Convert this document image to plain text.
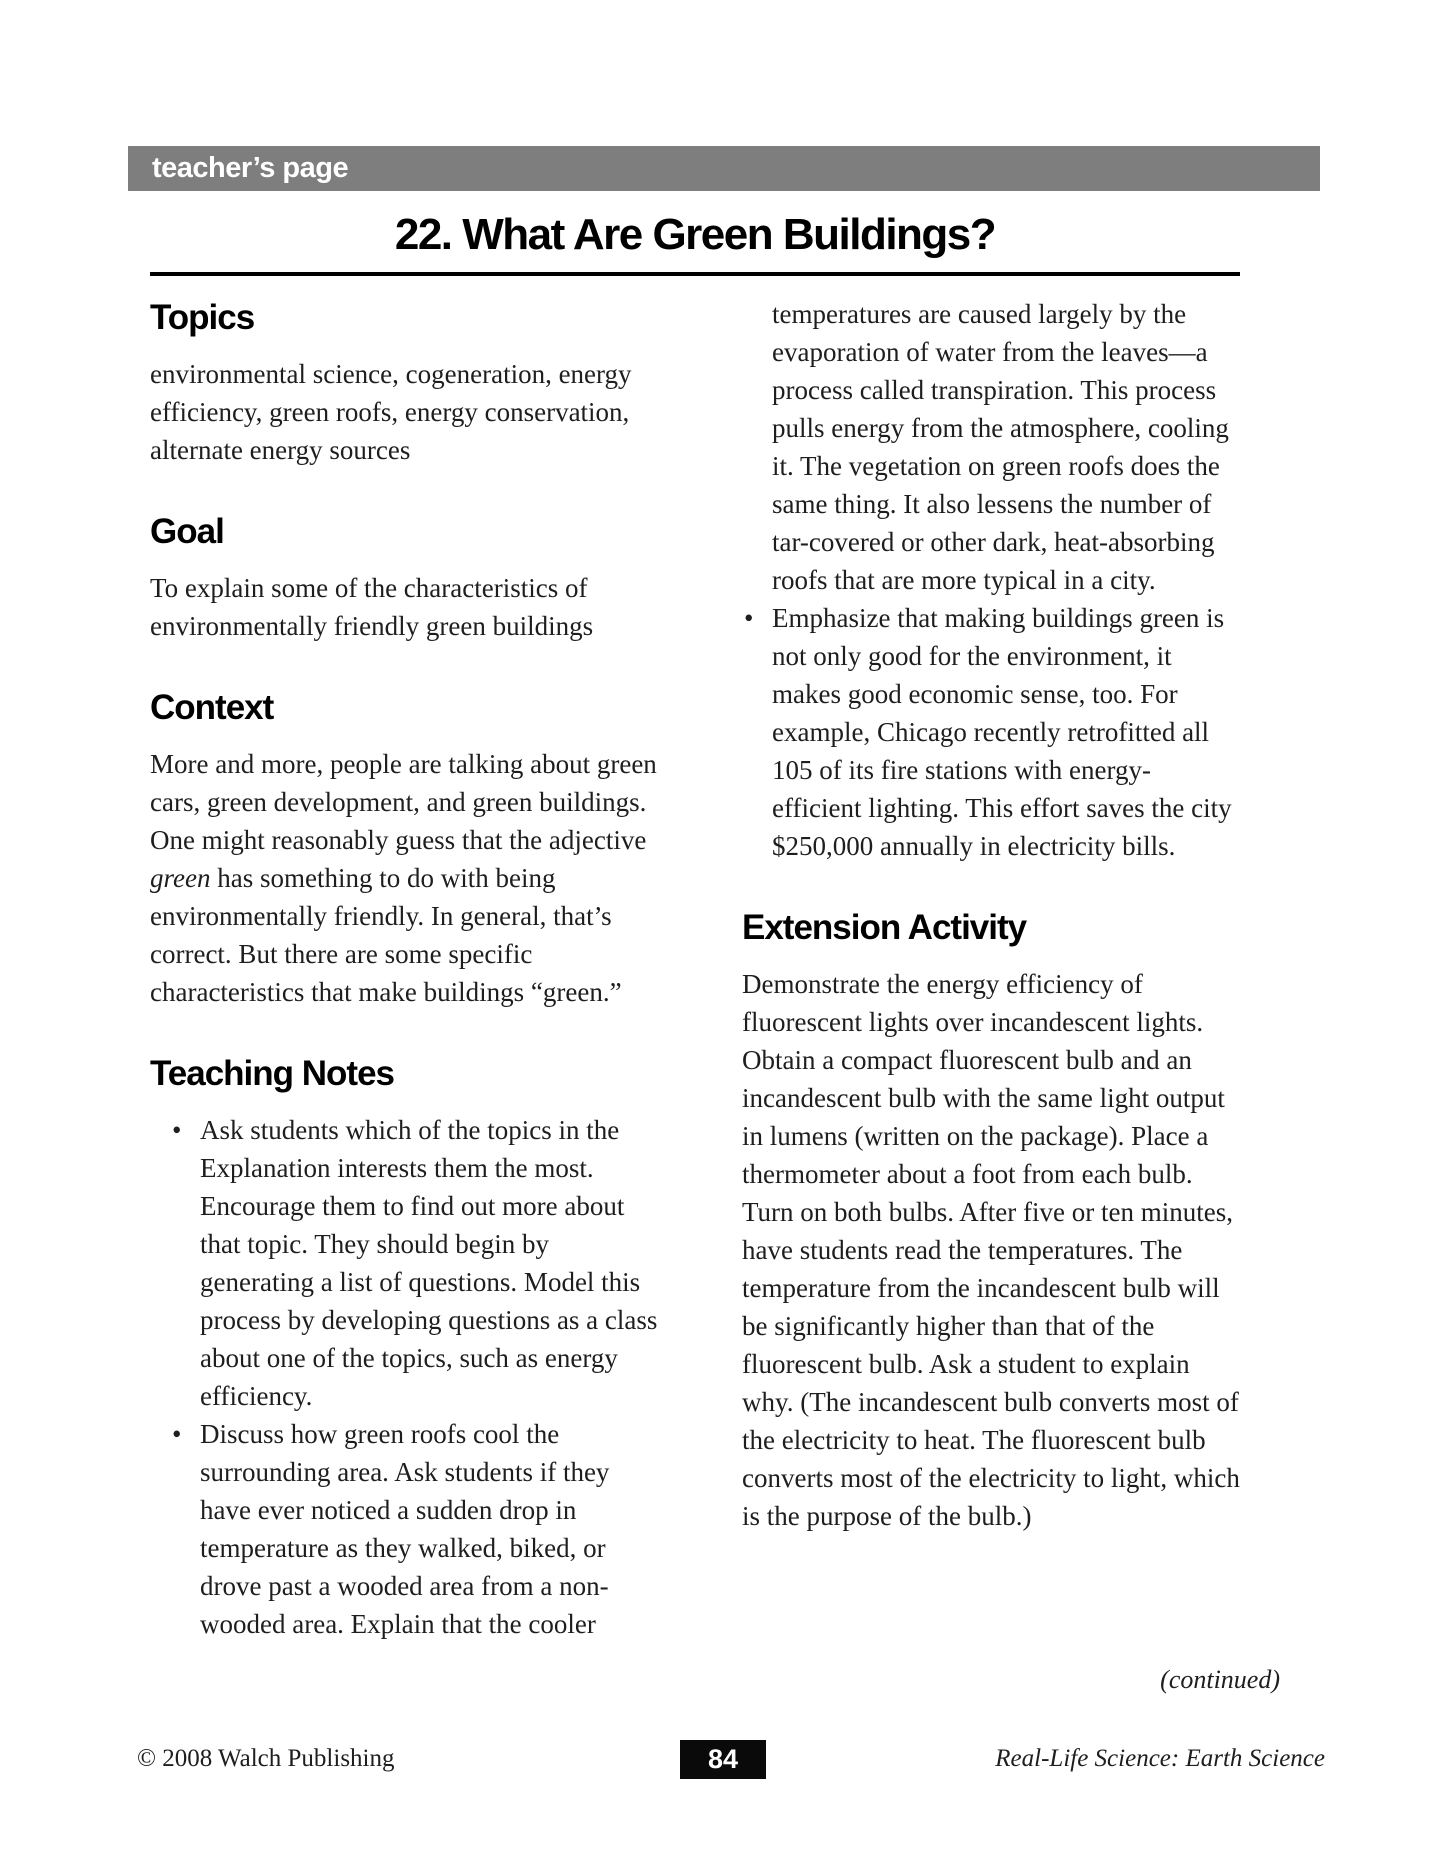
teacher’s page
22. What Are Green Buildings?
Topics

environmental science, cogeneration, energy efficiency, green roofs, energy conservation, alternate energy sources

Goal

To explain some of the characteristics of environmentally friendly green buildings

Context

More and more, people are talking about green cars, green development, and green buildings. One might reasonably guess that the adjective green has something to do with being environmentally friendly. In general, that’s correct. But there are some specific characteristics that make buildings “green.”

Teaching Notes
• Ask students which of the topics in the Explanation interests them the most. Encourage them to find out more about that topic. They should begin by generating a list of questions. Model this process by developing questions as a class about one of the topics, such as energy efficiency.
• Discuss how green roofs cool the surrounding area. Ask students if they have ever noticed a sudden drop in temperature as they walked, biked, or drove past a wooded area from a non-wooded area. Explain that the cooler

temperatures are caused largely by the evaporation of water from the leaves—a process called transpiration. This process pulls energy from the atmosphere, cooling it. The vegetation on green roofs does the same thing. It also lessens the number of tar-covered or other dark, heat-absorbing roofs that are more typical in a city.

• Emphasize that making buildings green is not only good for the environment, it makes good economic sense, too. For example, Chicago recently retrofitted all 105 of its fire stations with energy-efficient lighting. This effort saves the city $250,000 annually in electricity bills.
Extension Activity

Demonstrate the energy efficiency of fluorescent lights over incandescent lights. Obtain a compact fluorescent bulb and an incandescent bulb with the same light output in lumens (written on the package). Place a thermometer about a foot from each bulb. Turn on both bulbs. After five or ten minutes, have students read the temperatures. The temperature from the incandescent bulb will be significantly higher than that of the fluorescent bulb. Ask a student to explain why. (The incandescent bulb converts most of the electricity to heat. The fluorescent bulb converts most of the electricity to light, which is the purpose of the bulb.)

(continued)
© 2008 Walch Publishing	84	Real-Life Science: Earth Science
